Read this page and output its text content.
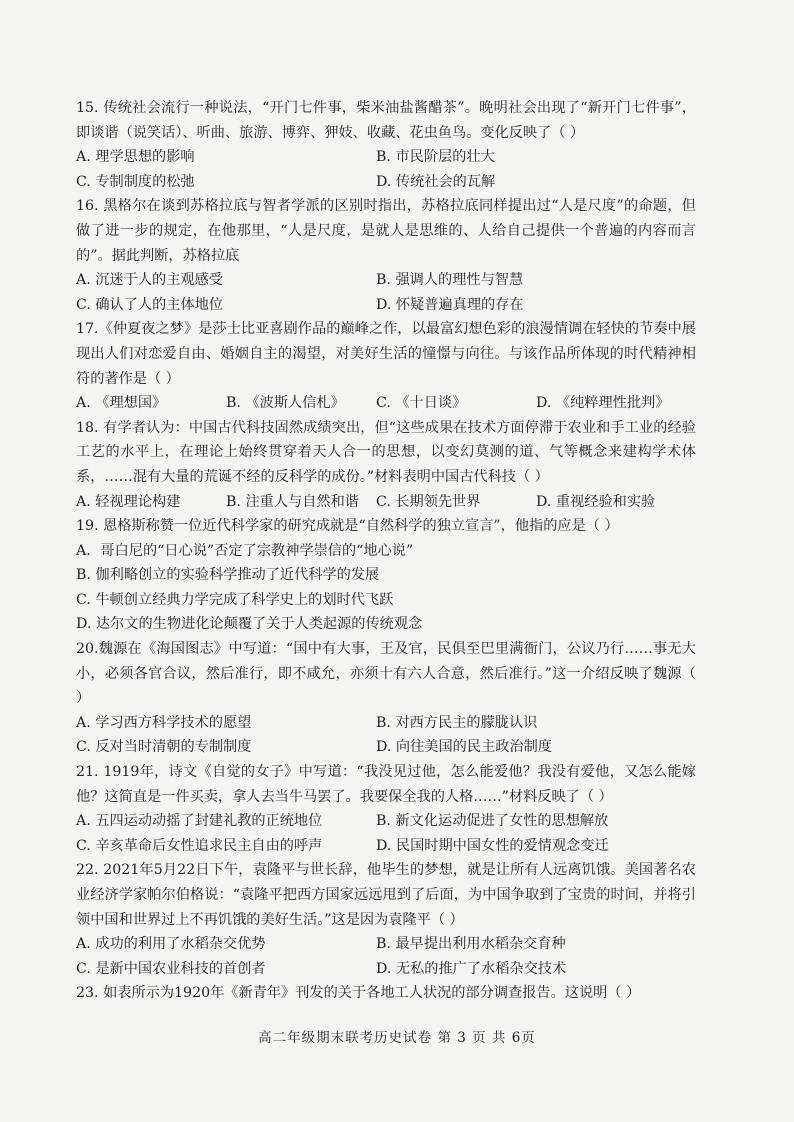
15. 传统社会流行一种说法，“开门七件事，柴米油盐酱醋茶”。晚明社会出现了“新开门七件事”，即谈谐（说笑话）、听曲、旅游、博弈、狎妓、收藏、花虫鱼鸟。变化反映了（ ）
A. 理学思想的影响	B. 市民阶层的壮大
C. 专制制度的松弛	D. 传统社会的瓦解
16. 黑格尔在谈到苏格拉底与智者学派的区别时指出，苏格拉底同样提出过“人是尺度”的命题，但做了进一步的规定，在他那里，“人是尺度，是就人是思维的、人给自己提供一个普遍的内容而言的”。据此判断，苏格拉底
A. 沉迷于人的主观感受	B. 强调人的理性与智慧
C. 确认了人的主体地位	D. 怀疑普遍真理的存在
17.《仲夏夜之梦》是莎士比亚喜剧作品的巅峰之作，以最富幻想色彩的浪漫情调在轻快的节奏中展现出人们对恋爱自由、婚姻自主的渴望，对美好生活的憧憬与向往。与该作品所体现的时代精神相符的著作是（ ）
A. 《理想国》	B. 《波斯人信札》	C. 《十日谈》	D. 《纯粹理性批判》
18. 有学者认为：中国古代科技固然成绩突出，但“这些成果在技术方面停滞于农业和手工业的经验工艺的水平上，在理论上始终贯穿着天人合一的思想，以变幻莫测的道、气等概念来建构学术体系，……混有大量的荒诞不经的反科学的成份。”材料表明中国古代科技（ ）
A. 轻视理论构建	B. 注重人与自然和谐	C. 长期领先世界	D. 重视经验和实验
19. 恩格斯称赞一位近代科学家的研究成就是“自然科学的独立宣言”，他指的应是（ ）
A．哥白尼的“日心说”否定了宗教神学崇信的“地心说”
B. 伽利略创立的实验科学推动了近代科学的发展
C. 牛顿创立经典力学完成了科学史上的划时代飞跃
D. 达尔文的生物进化论颠覆了关于人类起源的传统观念
20.魏源在《海国图志》中写道：“国中有大事，王及官，民俱至巴里满衙门，公议乃行……事无大小，必须各官合议，然后准行，即不咸允，亦须十有六人合意，然后准行。”这一介绍反映了魏源（ ）
A. 学习西方科学技术的愿望	B. 对西方民主的朦胧认识
C. 反对当时清朝的专制制度	D. 向往美国的民主政治制度
21. 1919年，诗文《自觉的女子》中写道：“我没见过他，怎么能爱他？我没有爱他，又怎么能嫁他？这简直是一件买卖，拿人去当牛马罢了。我要保全我的人格……”材料反映了（ ）
A. 五四运动动摇了封建礼教的正统地位	B. 新文化运动促进了女性的思想解放
C. 辛亥革命后女性追求民主自由的呼声	D. 民国时期中国女性的爱情观念变迁
22. 2021年5月22日下午，袁隆平与世长辞，他毕生的梦想，就是让所有人远离饥饿。美国著名农业经济学家帕尔伯格说：“袁隆平把西方国家远远甩到了后面，为中国争取到了宝贵的时间，并将引领中国和世界过上不再饥饿的美好生活。”这是因为袁隆平（ ）
A. 成功的利用了水稻杂交优势	B. 最早提出利用水稻杂交育种
C. 是新中国农业科技的首创者	D. 无私的推广了水稻杂交技术
23. 如表所示为1920年《新青年》刊发的关于各地工人状况的部分调查报告。这说明（ ）
高二年级期末联考历史试卷 第 3 页 共 6页
